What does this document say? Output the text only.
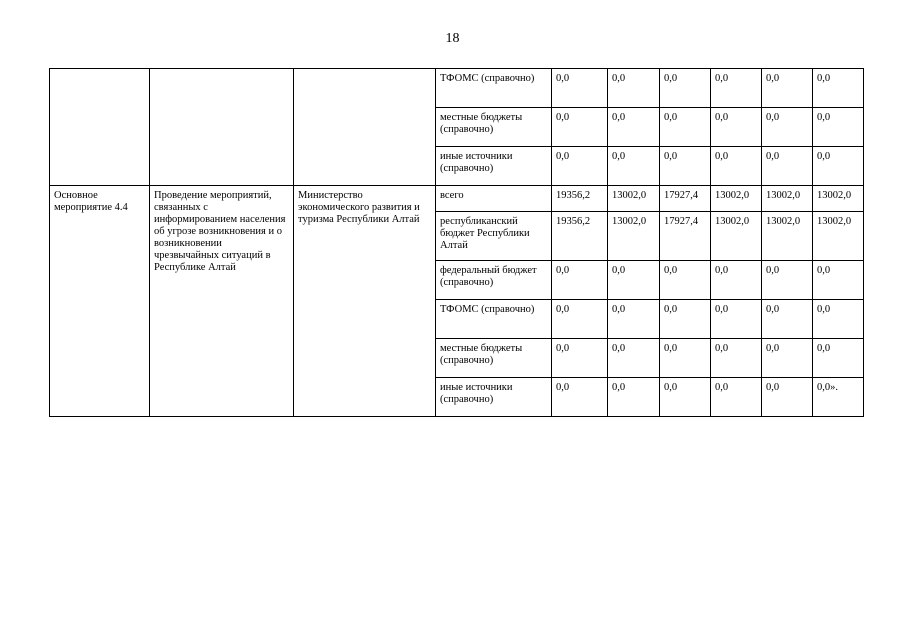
18
			ТФОМС (справочно)	0,0	0,0	0,0	0,0	0,0	0,0
			местные бюджеты (справочно)	0,0	0,0	0,0	0,0	0,0	0,0
			иные источники (справочно)	0,0	0,0	0,0	0,0	0,0	0,0
Основное мероприятие 4.4	Проведение мероприятий, связанных с информированием населения об угрозе возникновения и о возникновении чрезвычайных ситуаций в Республике Алтай	Министерство экономического развития и туризма Республики Алтай	всего	19356,2	13002,0	17927,4	13002,0	13002,0	13002,0
			республиканский бюджет Республики Алтай	19356,2	13002,0	17927,4	13002,0	13002,0	13002,0
			федеральный бюджет (справочно)	0,0	0,0	0,0	0,0	0,0	0,0
			ТФОМС (справочно)	0,0	0,0	0,0	0,0	0,0	0,0
			местные бюджеты (справочно)	0,0	0,0	0,0	0,0	0,0	0,0
			иные источники (справочно)	0,0	0,0	0,0	0,0	0,0	0,0».
